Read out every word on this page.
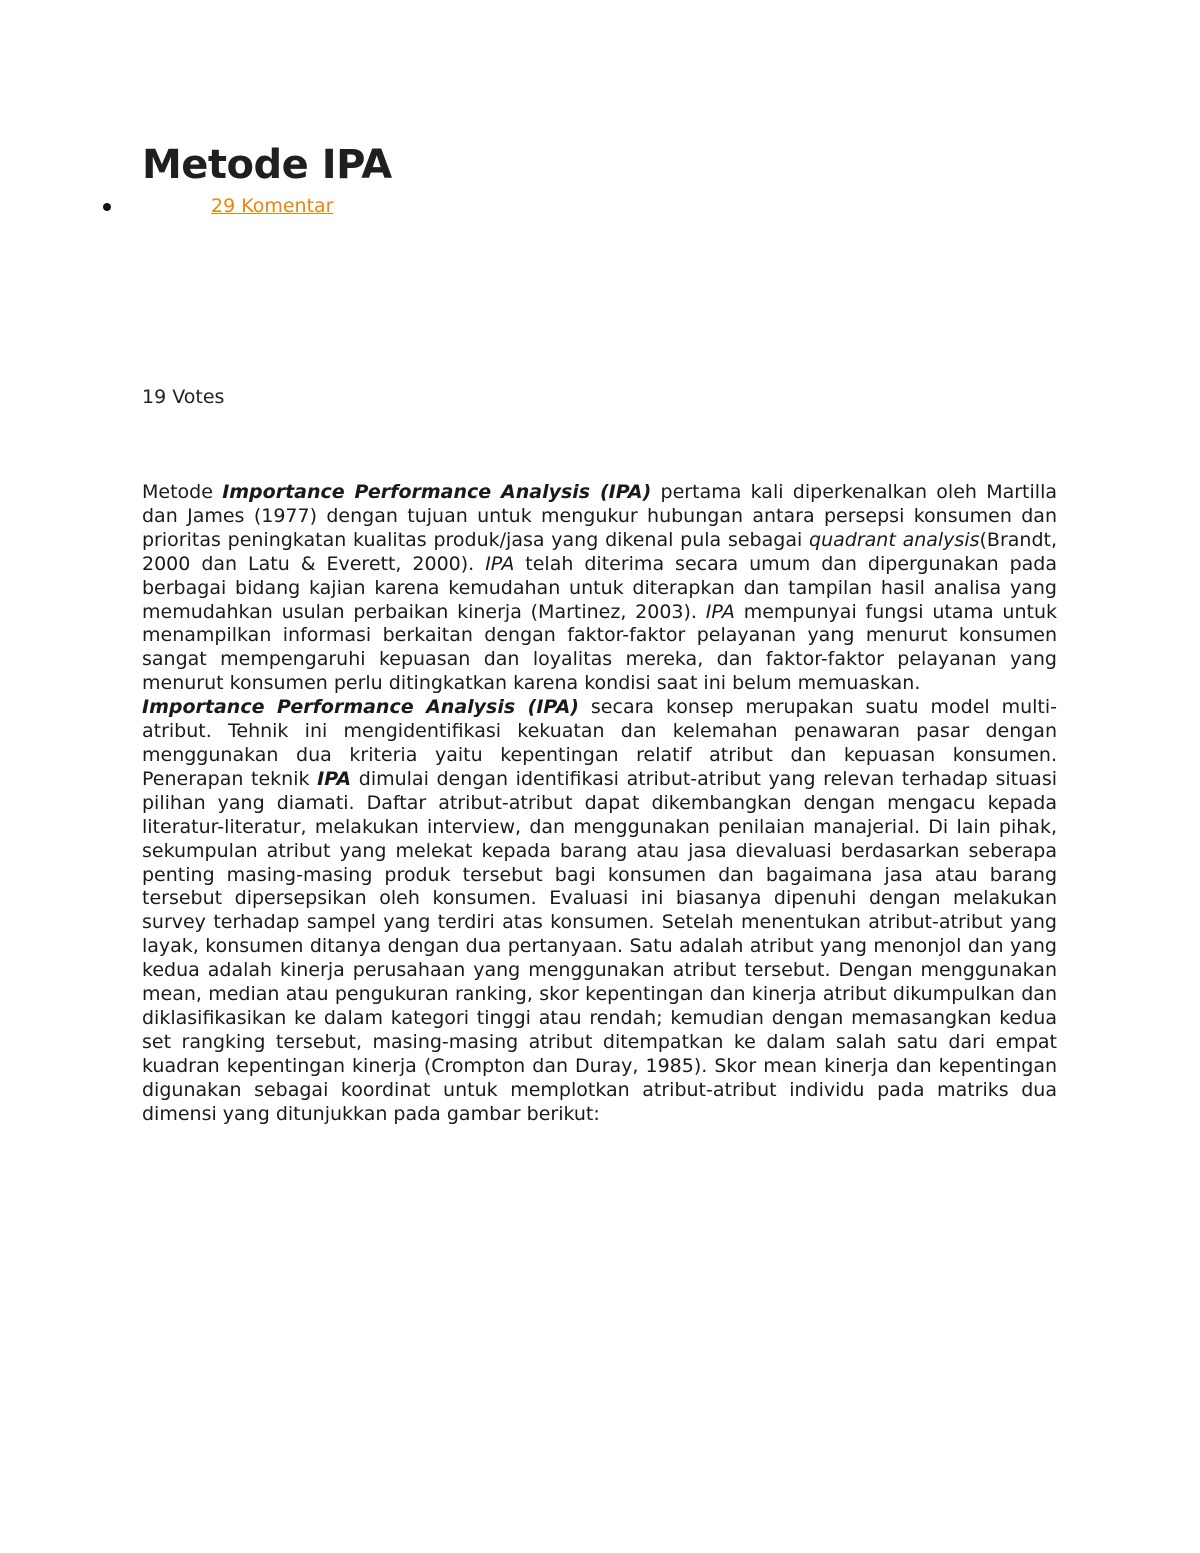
Metode IPA
29 Komentar
19 Votes

Metode Importance Performance Analysis (IPA) pertama kali diperkenalkan oleh Martilla dan James (1977) dengan tujuan untuk mengukur hubungan antara persepsi konsumen dan prioritas peningkatan kualitas produk/jasa yang dikenal pula sebagai quadrant analysis(Brandt, 2000 dan Latu & Everett, 2000). IPA telah diterima secara umum dan dipergunakan pada berbagai bidang kajian karena kemudahan untuk diterapkan dan tampilan hasil analisa yang memudahkan usulan perbaikan kinerja (Martinez, 2003). IPA mempunyai fungsi utama untuk menampilkan informasi berkaitan dengan faktor-faktor pelayanan yang menurut konsumen sangat mempengaruhi kepuasan dan loyalitas mereka, dan faktor-faktor pelayanan yang menurut konsumen perlu ditingkatkan karena kondisi saat ini belum memuaskan.

Importance Performance Analysis (IPA) secara konsep merupakan suatu model multi-atribut. Tehnik ini mengidentifikasi kekuatan dan kelemahan penawaran pasar dengan menggunakan dua kriteria yaitu kepentingan relatif atribut dan kepuasan konsumen. Penerapan teknik IPA dimulai dengan identifikasi atribut-atribut yang relevan terhadap situasi pilihan yang diamati. Daftar atribut-atribut dapat dikembangkan dengan mengacu kepada literatur-literatur, melakukan interview, dan menggunakan penilaian manajerial. Di lain pihak, sekumpulan atribut yang melekat kepada barang atau jasa dievaluasi berdasarkan seberapa penting masing-masing produk tersebut bagi konsumen dan bagaimana jasa atau barang tersebut dipersepsikan oleh konsumen. Evaluasi ini biasanya dipenuhi dengan melakukan survey terhadap sampel yang terdiri atas konsumen. Setelah menentukan atribut-atribut yang layak, konsumen ditanya dengan dua pertanyaan. Satu adalah atribut yang menonjol dan yang kedua adalah kinerja perusahaan yang menggunakan atribut tersebut. Dengan menggunakan mean, median atau pengukuran ranking, skor kepentingan dan kinerja atribut dikumpulkan dan diklasifikasikan ke dalam kategori tinggi atau rendah; kemudian dengan memasangkan kedua set rangking tersebut, masing-masing atribut ditempatkan ke dalam salah satu dari empat kuadran kepentingan kinerja (Crompton dan Duray, 1985). Skor mean kinerja dan kepentingan digunakan sebagai koordinat untuk memplotkan atribut-atribut individu pada matriks dua dimensi yang ditunjukkan pada gambar berikut:
